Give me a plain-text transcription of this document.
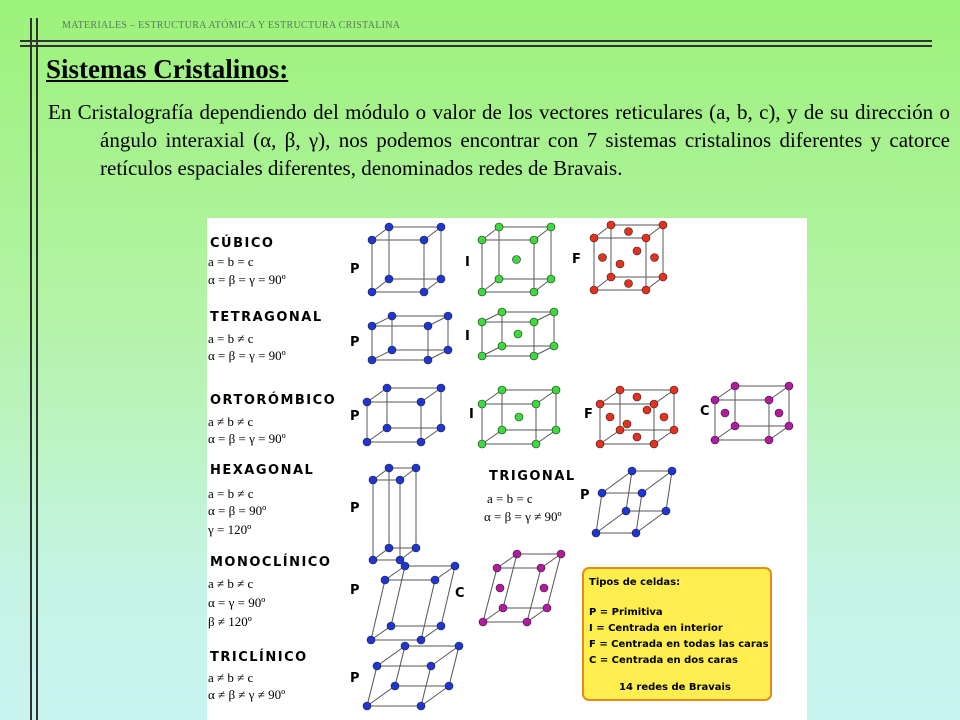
MATERIALES – ESTRUCTURA ATÓMICA Y ESTRUCTURA CRISTALINA
Sistemas Cristalinos:

En Cristalografía dependiendo del módulo o valor de los vectores reticulares (a, b, c), y de su dirección o ángulo interaxial (α, β, γ), nos podemos encontrar con 7 sistemas cristalinos diferentes y catorce retículos espaciales diferentes, denominados redes de Bravais.

CÚBICO
a = b = c
α = β = γ = 90º
TETRAGONAL
a = b ≠ c
α = β = γ = 90º
ORTORÓMBICO
a ≠ b ≠ c
α = β = γ = 90º
HEXAGONAL
a = b ≠ c
α = β = 90º
γ = 120º
TRIGONAL
a = b = c
α = β = γ ≠ 90º
MONOCLÍNICO
a ≠ b ≠ c
α = γ = 90º
β ≠ 120º
TRICLÍNICO
a ≠ b ≠ c
α ≠ β ≠ γ ≠ 90º
P	I	F
P	I
P	I	F	C
P
P
P	C
P
Tipos de celdas:
P = Primitiva
I = Centrada en interior
F = Centrada en todas las caras
C = Centrada en dos caras
14 redes de Bravais
